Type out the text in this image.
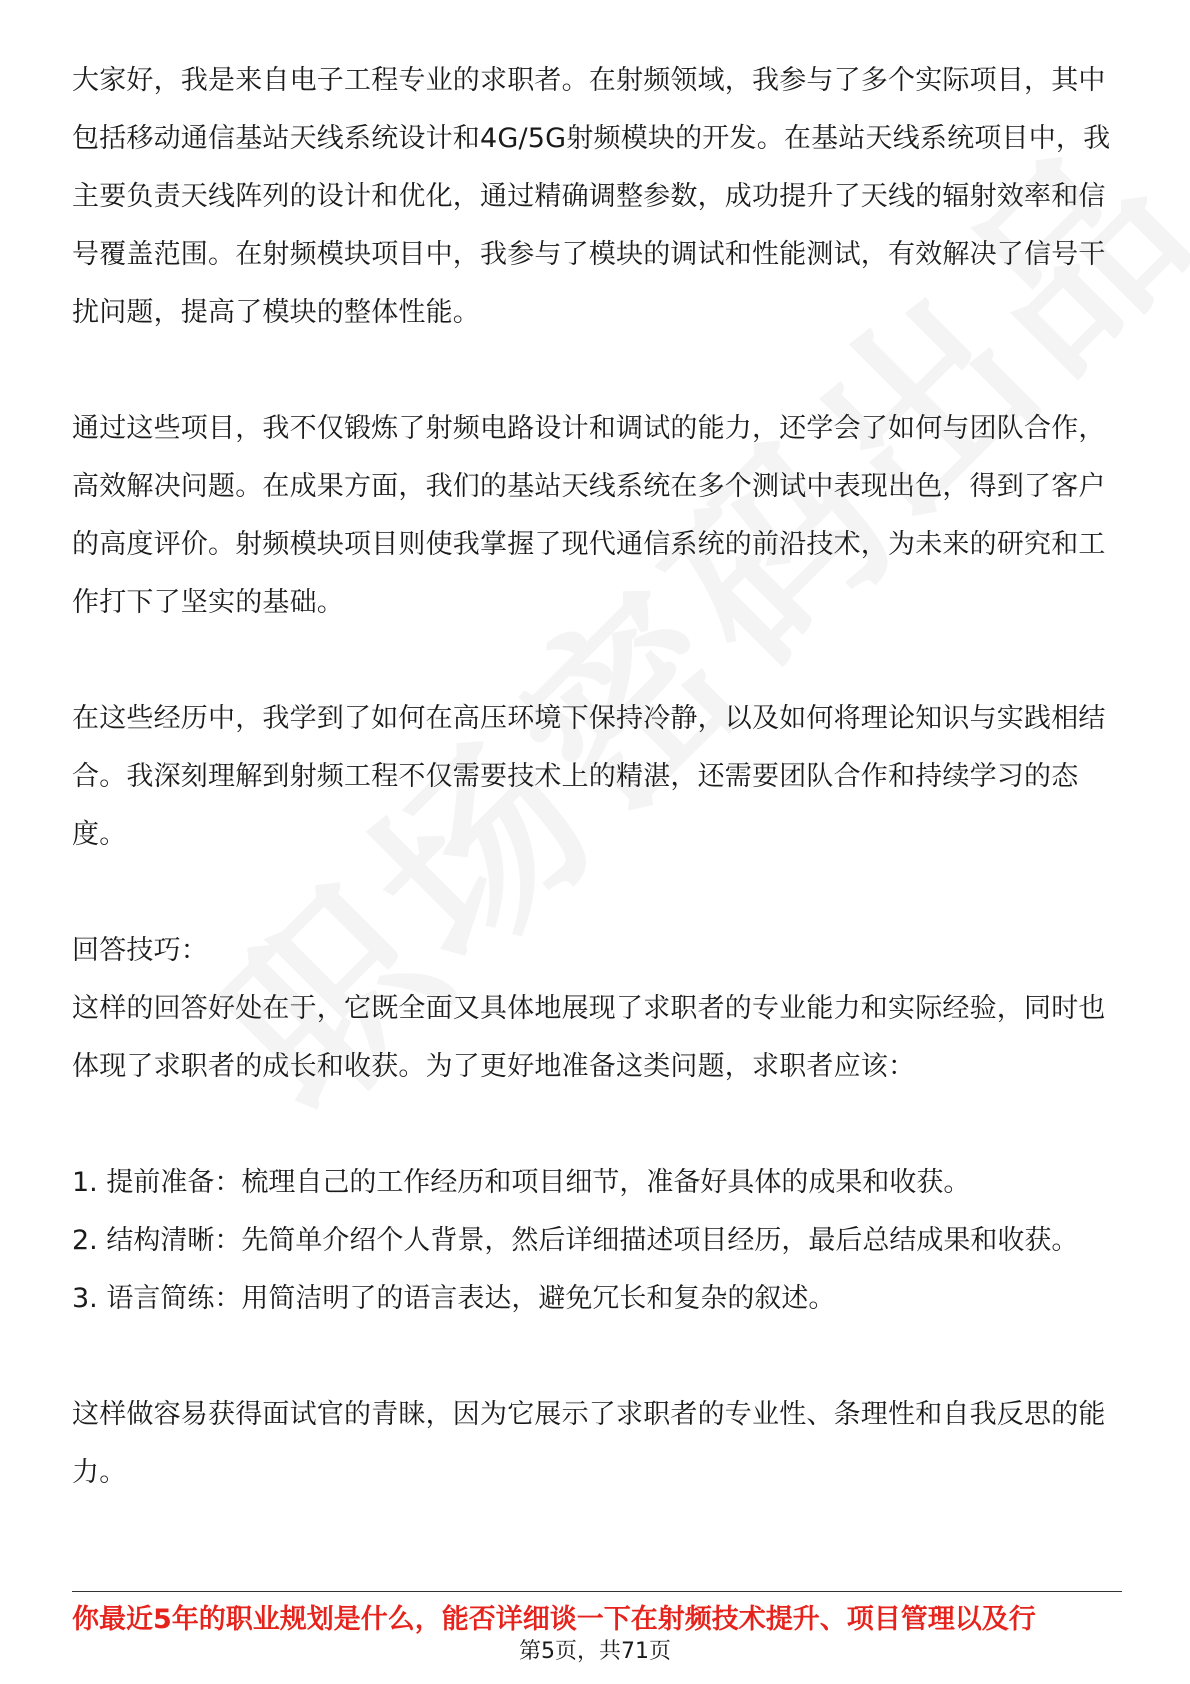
大家好，我是来自电子工程专业的求职者。在射频领域，我参与了多个实际项目，其中包括移动通信基站天线系统设计和4G/5G射频模块的开发。在基站天线系统项目中，我主要负责天线阵列的设计和优化，通过精确调整参数，成功提升了天线的辐射效率和信号覆盖范围。在射频模块项目中，我参与了模块的调试和性能测试，有效解决了信号干扰问题，提高了模块的整体性能。

通过这些项目，我不仅锻炼了射频电路设计和调试的能力，还学会了如何与团队合作，高效解决问题。在成果方面，我们的基站天线系统在多个测试中表现出色，得到了客户的高度评价。射频模块项目则使我掌握了现代通信系统的前沿技术，为未来的研究和工作打下了坚实的基础。

在这些经历中，我学到了如何在高压环境下保持冷静，以及如何将理论知识与实践相结合。我深刻理解到射频工程不仅需要技术上的精湛，还需要团队合作和持续学习的态度。

回答技巧：

这样的回答好处在于，它既全面又具体地展现了求职者的专业能力和实际经验，同时也体现了求职者的成长和收获。为了更好地准备这类问题，求职者应该：

1. 提前准备：梳理自己的工作经历和项目细节，准备好具体的成果和收获。

2. 结构清晰：先简单介绍个人背景，然后详细描述项目经历，最后总结成果和收获。

3. 语言简练：用简洁明了的语言表达，避免冗长和复杂的叙述。

这样做容易获得面试官的青睐，因为它展示了求职者的专业性、条理性和自我反思的能力。

你最近5年的职业规划是什么，能否详细谈一下在射频技术提升、项目管理以及行

第5页，共71页
